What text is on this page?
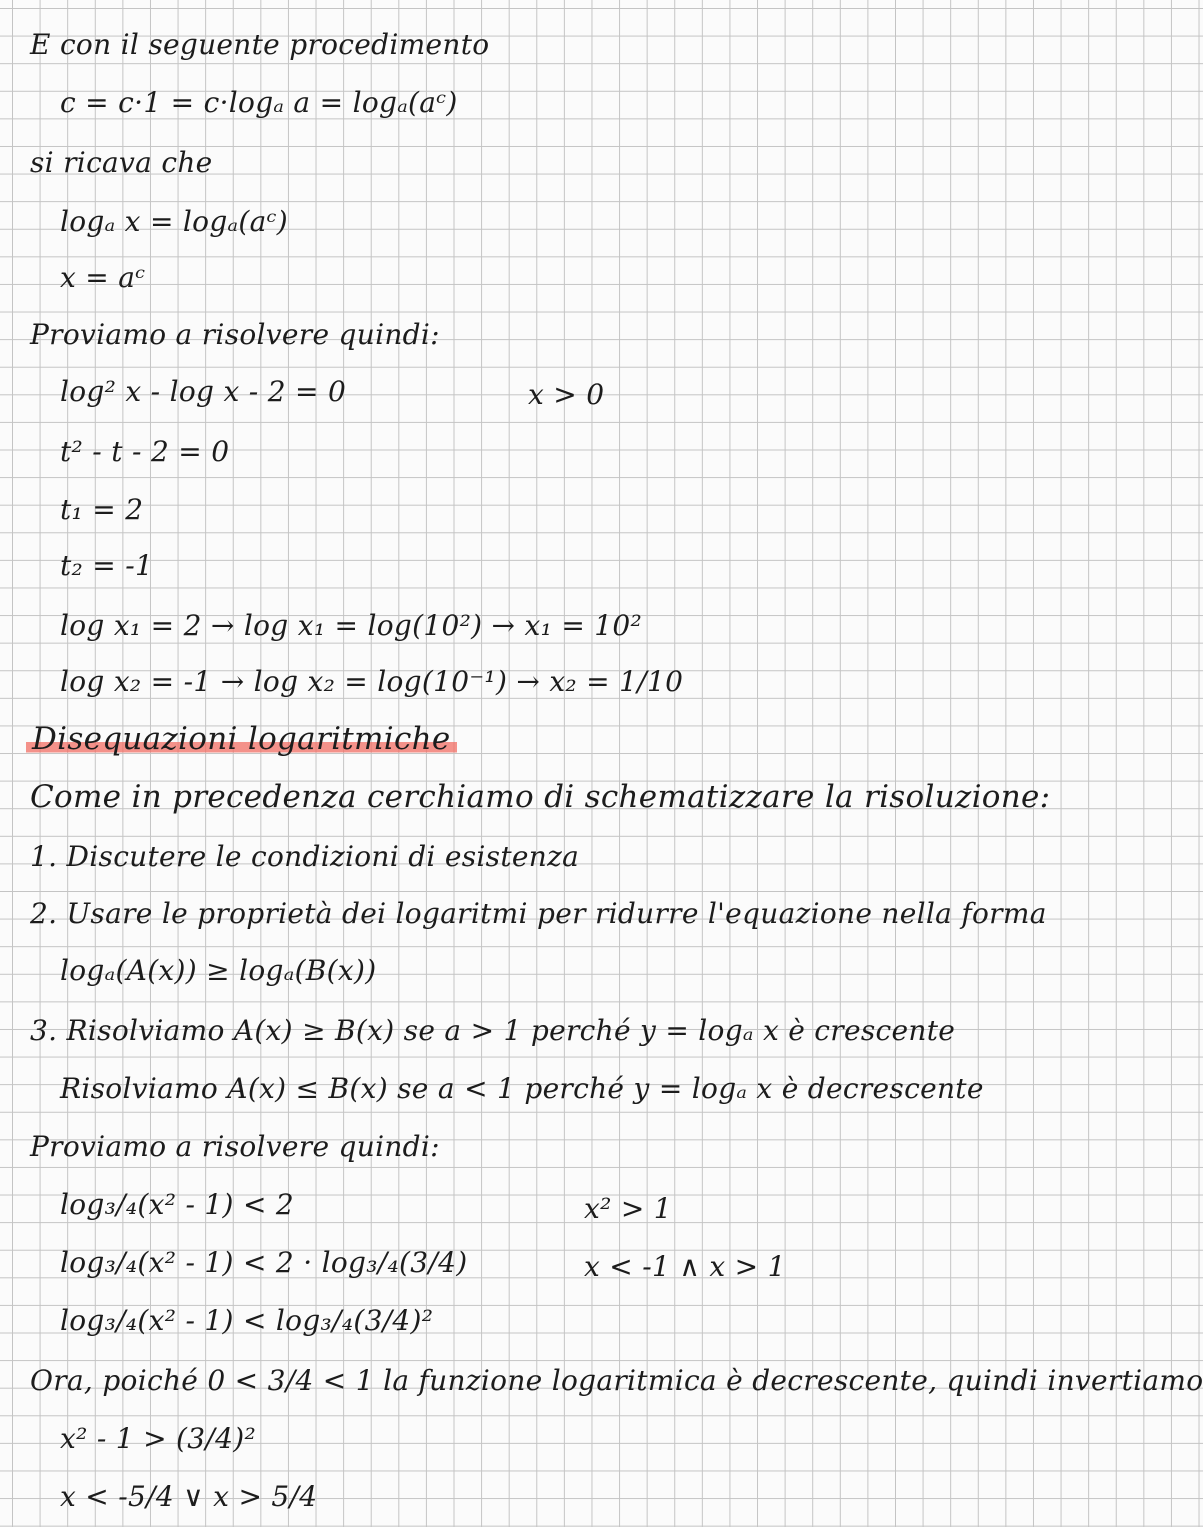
E con il seguente procedimento
c = c·1 = c·logₐ a = logₐ(aᶜ)
si ricava che
logₐ x = logₐ(aᶜ)
x = aᶜ
Proviamo a risolvere quindi:
log² x - log x - 2 = 0	x > 0
t² - t - 2 = 0
t₁ = 2
t₂ = -1
log x₁ = 2 → log x₁ = log(10²) → x₁ = 10²
log x₂ = -1 → log x₂ = log(10⁻¹) → x₂ = 1/10
Disequazioni logaritmiche
Come in precedenza cerchiamo di schematizzare la risoluzione:
1. Discutere le condizioni di esistenza
2. Usare le proprietà dei logaritmi per ridurre l'equazione nella forma
logₐ(A(x)) ≥ logₐ(B(x))
3. Risolviamo A(x) ≥ B(x) se a > 1 perché y = logₐ x è crescente
Risolviamo A(x) ≤ B(x) se a < 1 perché y = logₐ x è decrescente
Proviamo a risolvere quindi:
log₃/₄(x² - 1) < 2	x² > 1
log₃/₄(x² - 1) < 2 · log₃/₄(3/4)	x < -1 ∧ x > 1
log₃/₄(x² - 1) < log₃/₄(3/4)²
Ora, poiché 0 < 3/4 < 1 la funzione logaritmica è decrescente, quindi invertiamo
x² - 1 > (3/4)²
x < -5/4 ∨ x > 5/4
